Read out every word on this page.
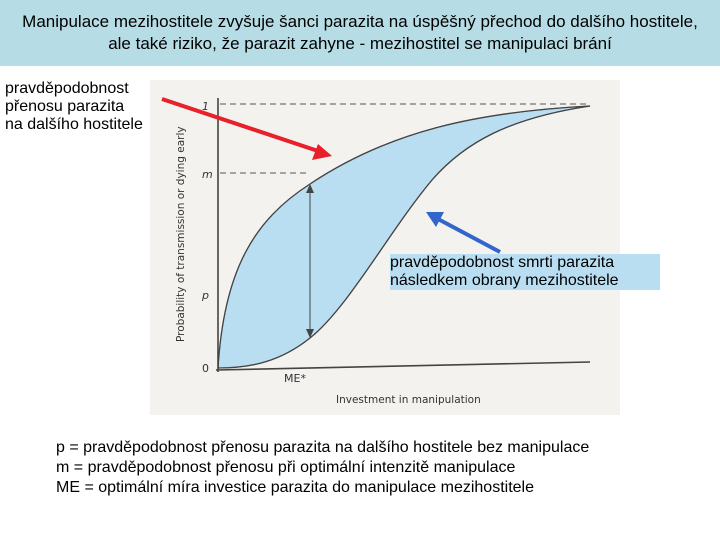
Manipulace mezihostitele zvyšuje šanci parazita na úspěšný přechod do dalšího hostitele, ale také riziko, že parazit zahyne - mezihostitel se manipulaci brání

1
m
p
0
ME*
Probability of transmission or dying early
Investment in manipulation

pravděpodobnost
přenosu parazita
na dalšího hostitele

pravděpodobnost smrti parazita
následkem obrany mezihostitele

p = pravděpodobnost přenosu parazita na dalšího hostitele bez manipulace

m = pravděpodobnost přenosu při optimální intenzitě manipulace

ME = optimální míra investice parazita do manipulace mezihostitele
